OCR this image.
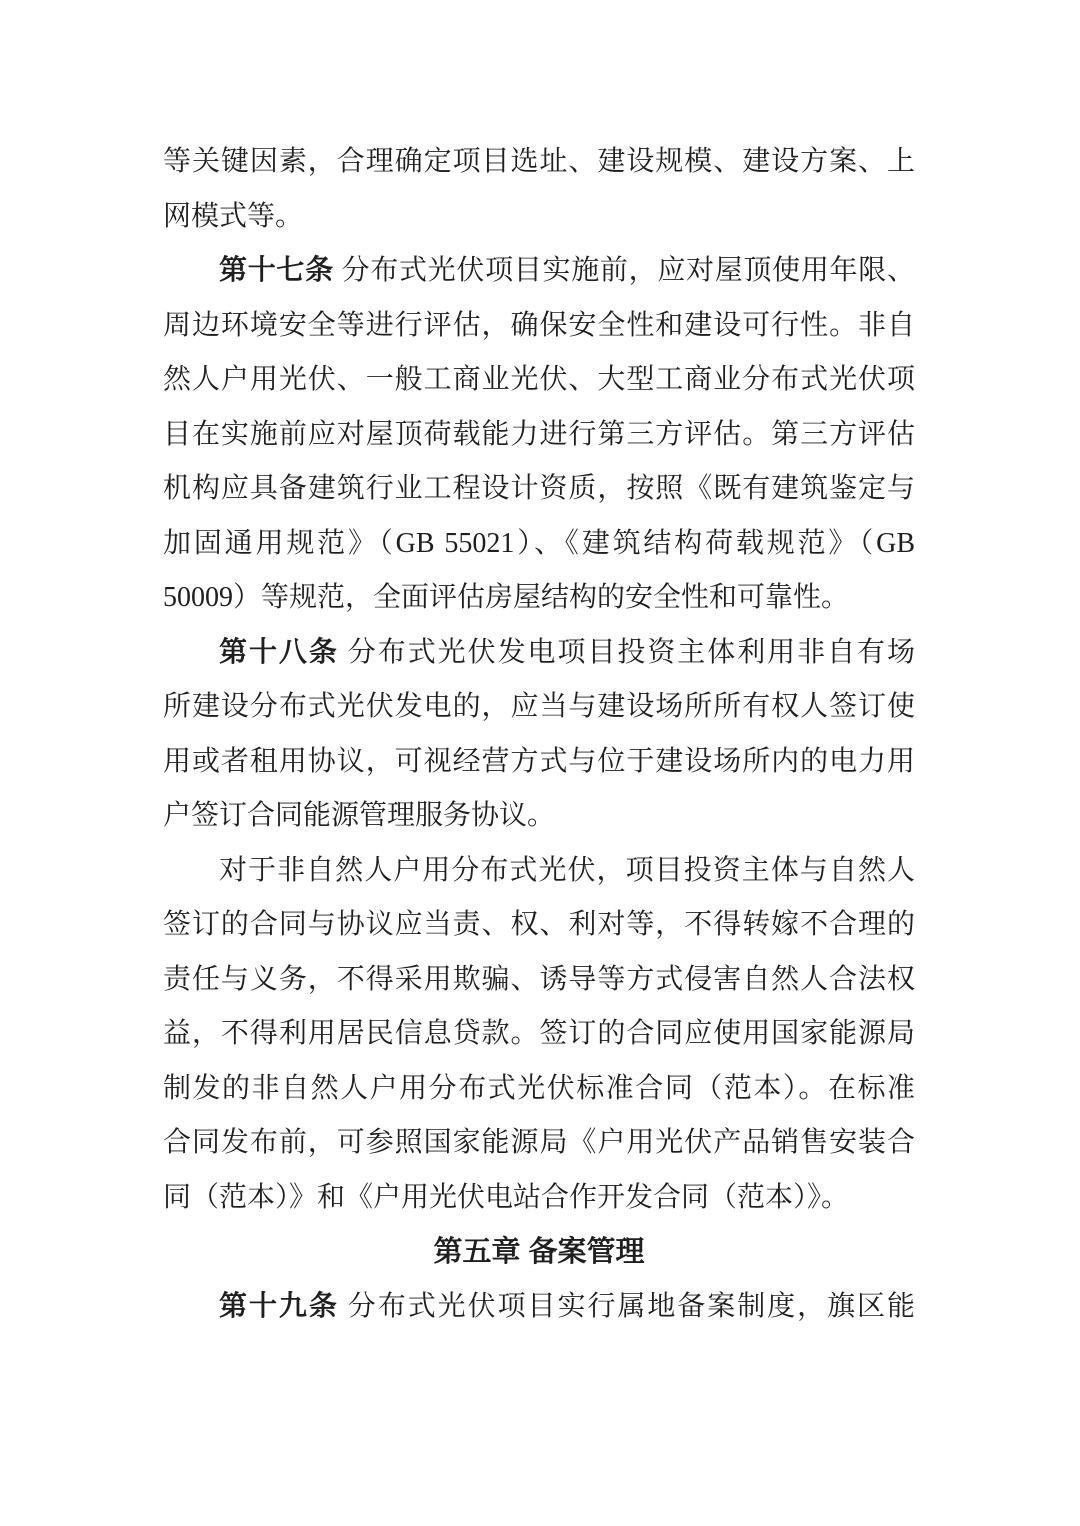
等关键因素，合理确定项目选址、建设规模、建设方案、上
网模式等。
第十七条 分布式光伏项目实施前，应对屋顶使用年限、
周边环境安全等进行评估，确保安全性和建设可行性。非自
然人户用光伏、一般工商业光伏、大型工商业分布式光伏项
目在实施前应对屋顶荷载能力进行第三方评估。第三方评估
机构应具备建筑行业工程设计资质，按照《既有建筑鉴定与
加固通用规范》（GB 55021）、《建筑结构荷载规范》（GB
50009）等规范，全面评估房屋结构的安全性和可靠性。
第十八条 分布式光伏发电项目投资主体利用非自有场
所建设分布式光伏发电的，应当与建设场所所有权人签订使
用或者租用协议，可视经营方式与位于建设场所内的电力用
户签订合同能源管理服务协议。
对于非自然人户用分布式光伏，项目投资主体与自然人
签订的合同与协议应当责、权、利对等，不得转嫁不合理的
责任与义务，不得采用欺骗、诱导等方式侵害自然人合法权
益，不得利用居民信息贷款。签订的合同应使用国家能源局
制发的非自然人户用分布式光伏标准合同（范本）。在标准
合同发布前，可参照国家能源局《户用光伏产品销售安装合
同（范本）》和《户用光伏电站合作开发合同（范本）》。
第五章 备案管理
第十九条 分布式光伏项目实行属地备案制度，旗区能
